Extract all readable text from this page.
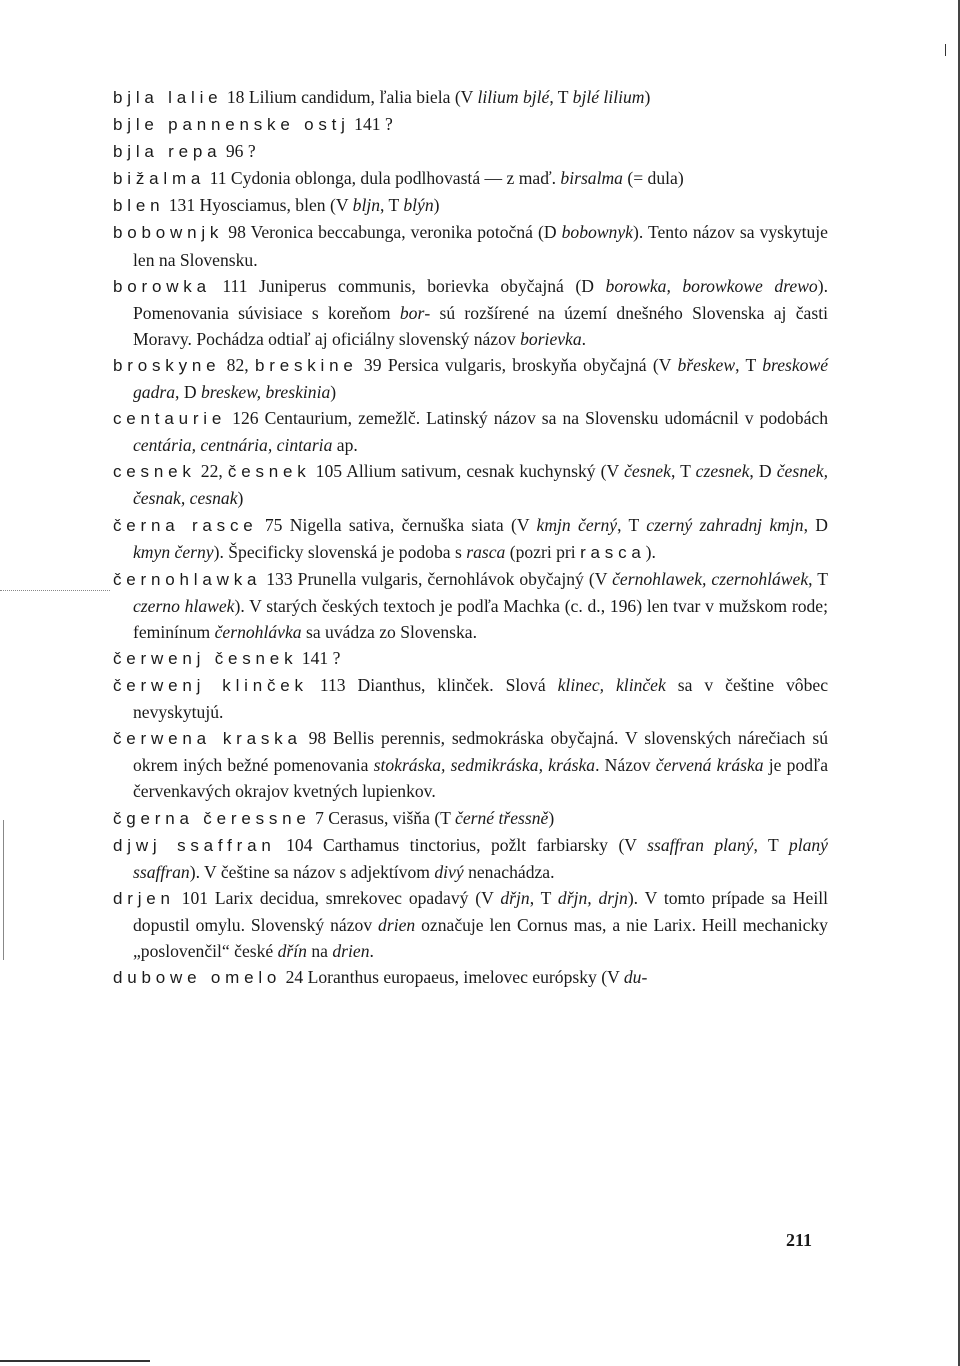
bjla lalie 18 Lilium candidum, ľalia biela (V lilium bjlé, T bjlé lilium)

bjle pannenske ostj 141 ?

bjla repa 96 ?

bižalma 11 Cydonia oblonga, dula podlhovastá — z maď. birsalma (= dula)

blen 131 Hyosciamus, blen (V bljn, T blýn)

bobownjk 98 Veronica beccabunga, veronika potočná (D bobownyk). Tento názov sa vyskytuje len na Slovensku.

borowka 111 Juniperus communis, borievka obyčajná (D borowka, borowkowe drewo). Pomenovania súvisiace s koreňom bor- sú rozšírené na území dnešného Slovenska aj časti Moravy. Pochádza odtiaľ aj oficiálny slovenský názov borievka.

broskyne 82, breskine 39 Persica vulgaris, broskyňa obyčajná (V břeskew, T breskowé gadra, D breskew, breskinia)

centaurie 126 Centaurium, zemežlč. Latinský názov sa na Slovensku udomácnil v podobách centária, centnária, cintaria ap.

cesnek 22, česnek 105 Allium sativum, cesnak kuchynský (V česnek, T czesnek, D česnek, česnak, cesnak)

černa rasce 75 Nigella sativa, černuška siata (V kmjn černý, T czerný zahradnj kmjn, D kmyn černy). Špecificky slovenská je podoba s rasca (pozri pri rasca).

černohlawka 133 Prunella vulgaris, černohlávok obyčajný (V černohlawek, czernohláwek, T czerno hlawek). V starých českých textoch je podľa Machka (c. d., 196) len tvar v mužskom rode; feminínum černohlávka sa uvádza zo Slovenska.

čerwenj česnek 141 ?

čerwenj klinček 113 Dianthus, klinček. Slová klinec, klinček sa v češtine vôbec nevyskytujú.

čerwena kraska 98 Bellis perennis, sedmokráska obyčajná. V slovenských nárečiach sú okrem iných bežné pomenovania stokráska, sedmikráska, kráska. Názov červená kráska je podľa červenkavých okrajov kvetných lupienkov.

čgerna čeressne 7 Cerasus, višňa (T černé třessně)

djwj ssaffran 104 Carthamus tinctorius, požlt farbiarsky (V ssaffran planý, T planý ssaffran). V češtine sa názov s adjektívom divý nenachádza.

drjen 101 Larix decidua, smrekovec opadavý (V dřjn, T dřjn, drjn). V tomto prípade sa Heill dopustil omylu. Slovenský názov drien označuje len Cornus mas, a nie Larix. Heill mechanicky „poslovenčil“ české dřín na drien.

dubowe omelo 24 Loranthus europaeus, imelovec európsky (V du-

211
